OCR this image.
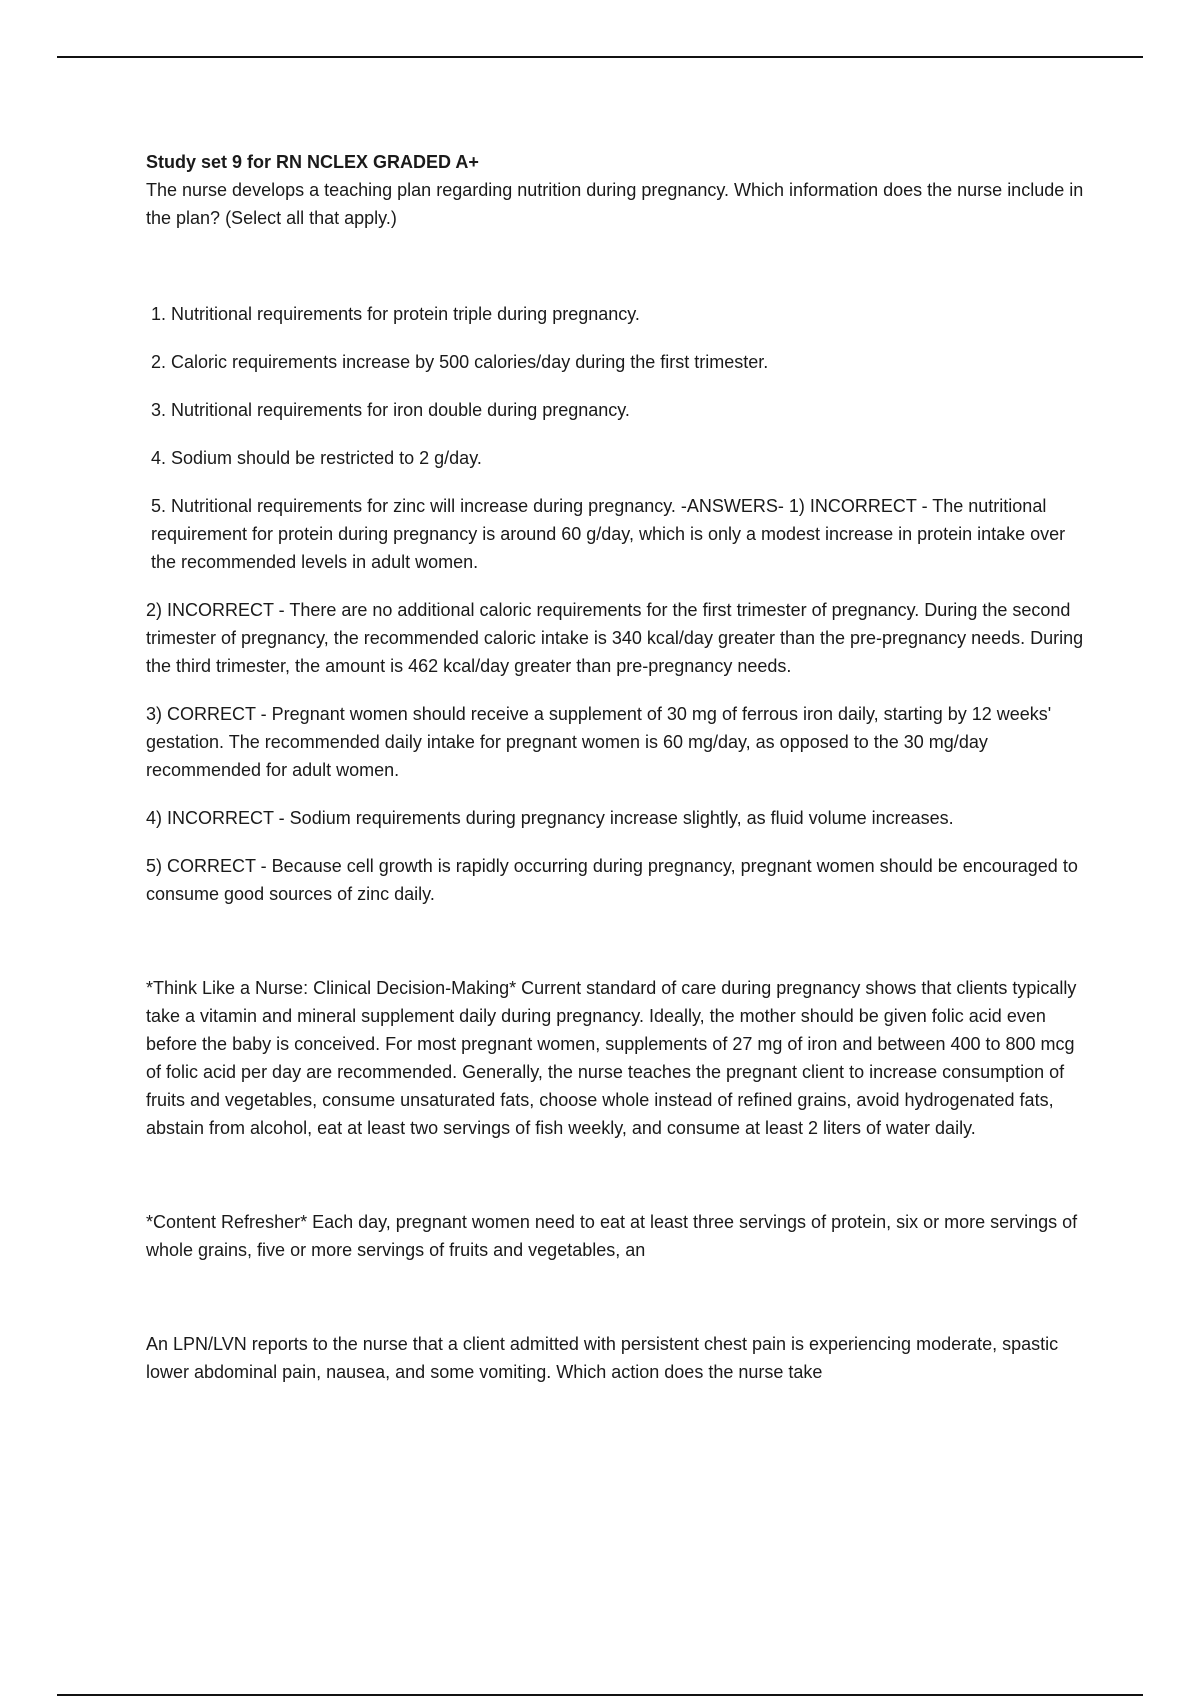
Study set 9 for RN NCLEX GRADED A+

The nurse develops a teaching plan regarding nutrition during pregnancy. Which information does the nurse include in the plan? (Select all that apply.)

1. Nutritional requirements for protein triple during pregnancy.

2. Caloric requirements increase by 500 calories/day during the first trimester.

3. Nutritional requirements for iron double during pregnancy.

4. Sodium should be restricted to 2 g/day.

5. Nutritional requirements for zinc will increase during pregnancy. -ANSWERS- 1) INCORRECT - The nutritional requirement for protein during pregnancy is around 60 g/day, which is only a modest increase in protein intake over the recommended levels in adult women.

2) INCORRECT - There are no additional caloric requirements for the first trimester of pregnancy. During the second trimester of pregnancy, the recommended caloric intake is 340 kcal/day greater than the pre-pregnancy needs. During the third trimester, the amount is 462 kcal/day greater than pre-pregnancy needs.

3) CORRECT - Pregnant women should receive a supplement of 30 mg of ferrous iron daily, starting by 12 weeks' gestation. The recommended daily intake for pregnant women is 60 mg/day, as opposed to the 30 mg/day recommended for adult women.

4) INCORRECT - Sodium requirements during pregnancy increase slightly, as fluid volume increases.

5) CORRECT - Because cell growth is rapidly occurring during pregnancy, pregnant women should be encouraged to consume good sources of zinc daily.

*Think Like a Nurse: Clinical Decision-Making* Current standard of care during pregnancy shows that clients typically take a vitamin and mineral supplement daily during pregnancy. Ideally, the mother should be given folic acid even before the baby is conceived. For most pregnant women, supplements of 27 mg of iron and between 400 to 800 mcg of folic acid per day are recommended. Generally, the nurse teaches the pregnant client to increase consumption of fruits and vegetables, consume unsaturated fats, choose whole instead of refined grains, avoid hydrogenated fats, abstain from alcohol, eat at least two servings of fish weekly, and consume at least 2 liters of water daily.

*Content Refresher* Each day, pregnant women need to eat at least three servings of protein, six or more servings of whole grains, five or more servings of fruits and vegetables, an

An LPN/LVN reports to the nurse that a client admitted with persistent chest pain is experiencing moderate, spastic lower abdominal pain, nausea, and some vomiting. Which action does the nurse take
